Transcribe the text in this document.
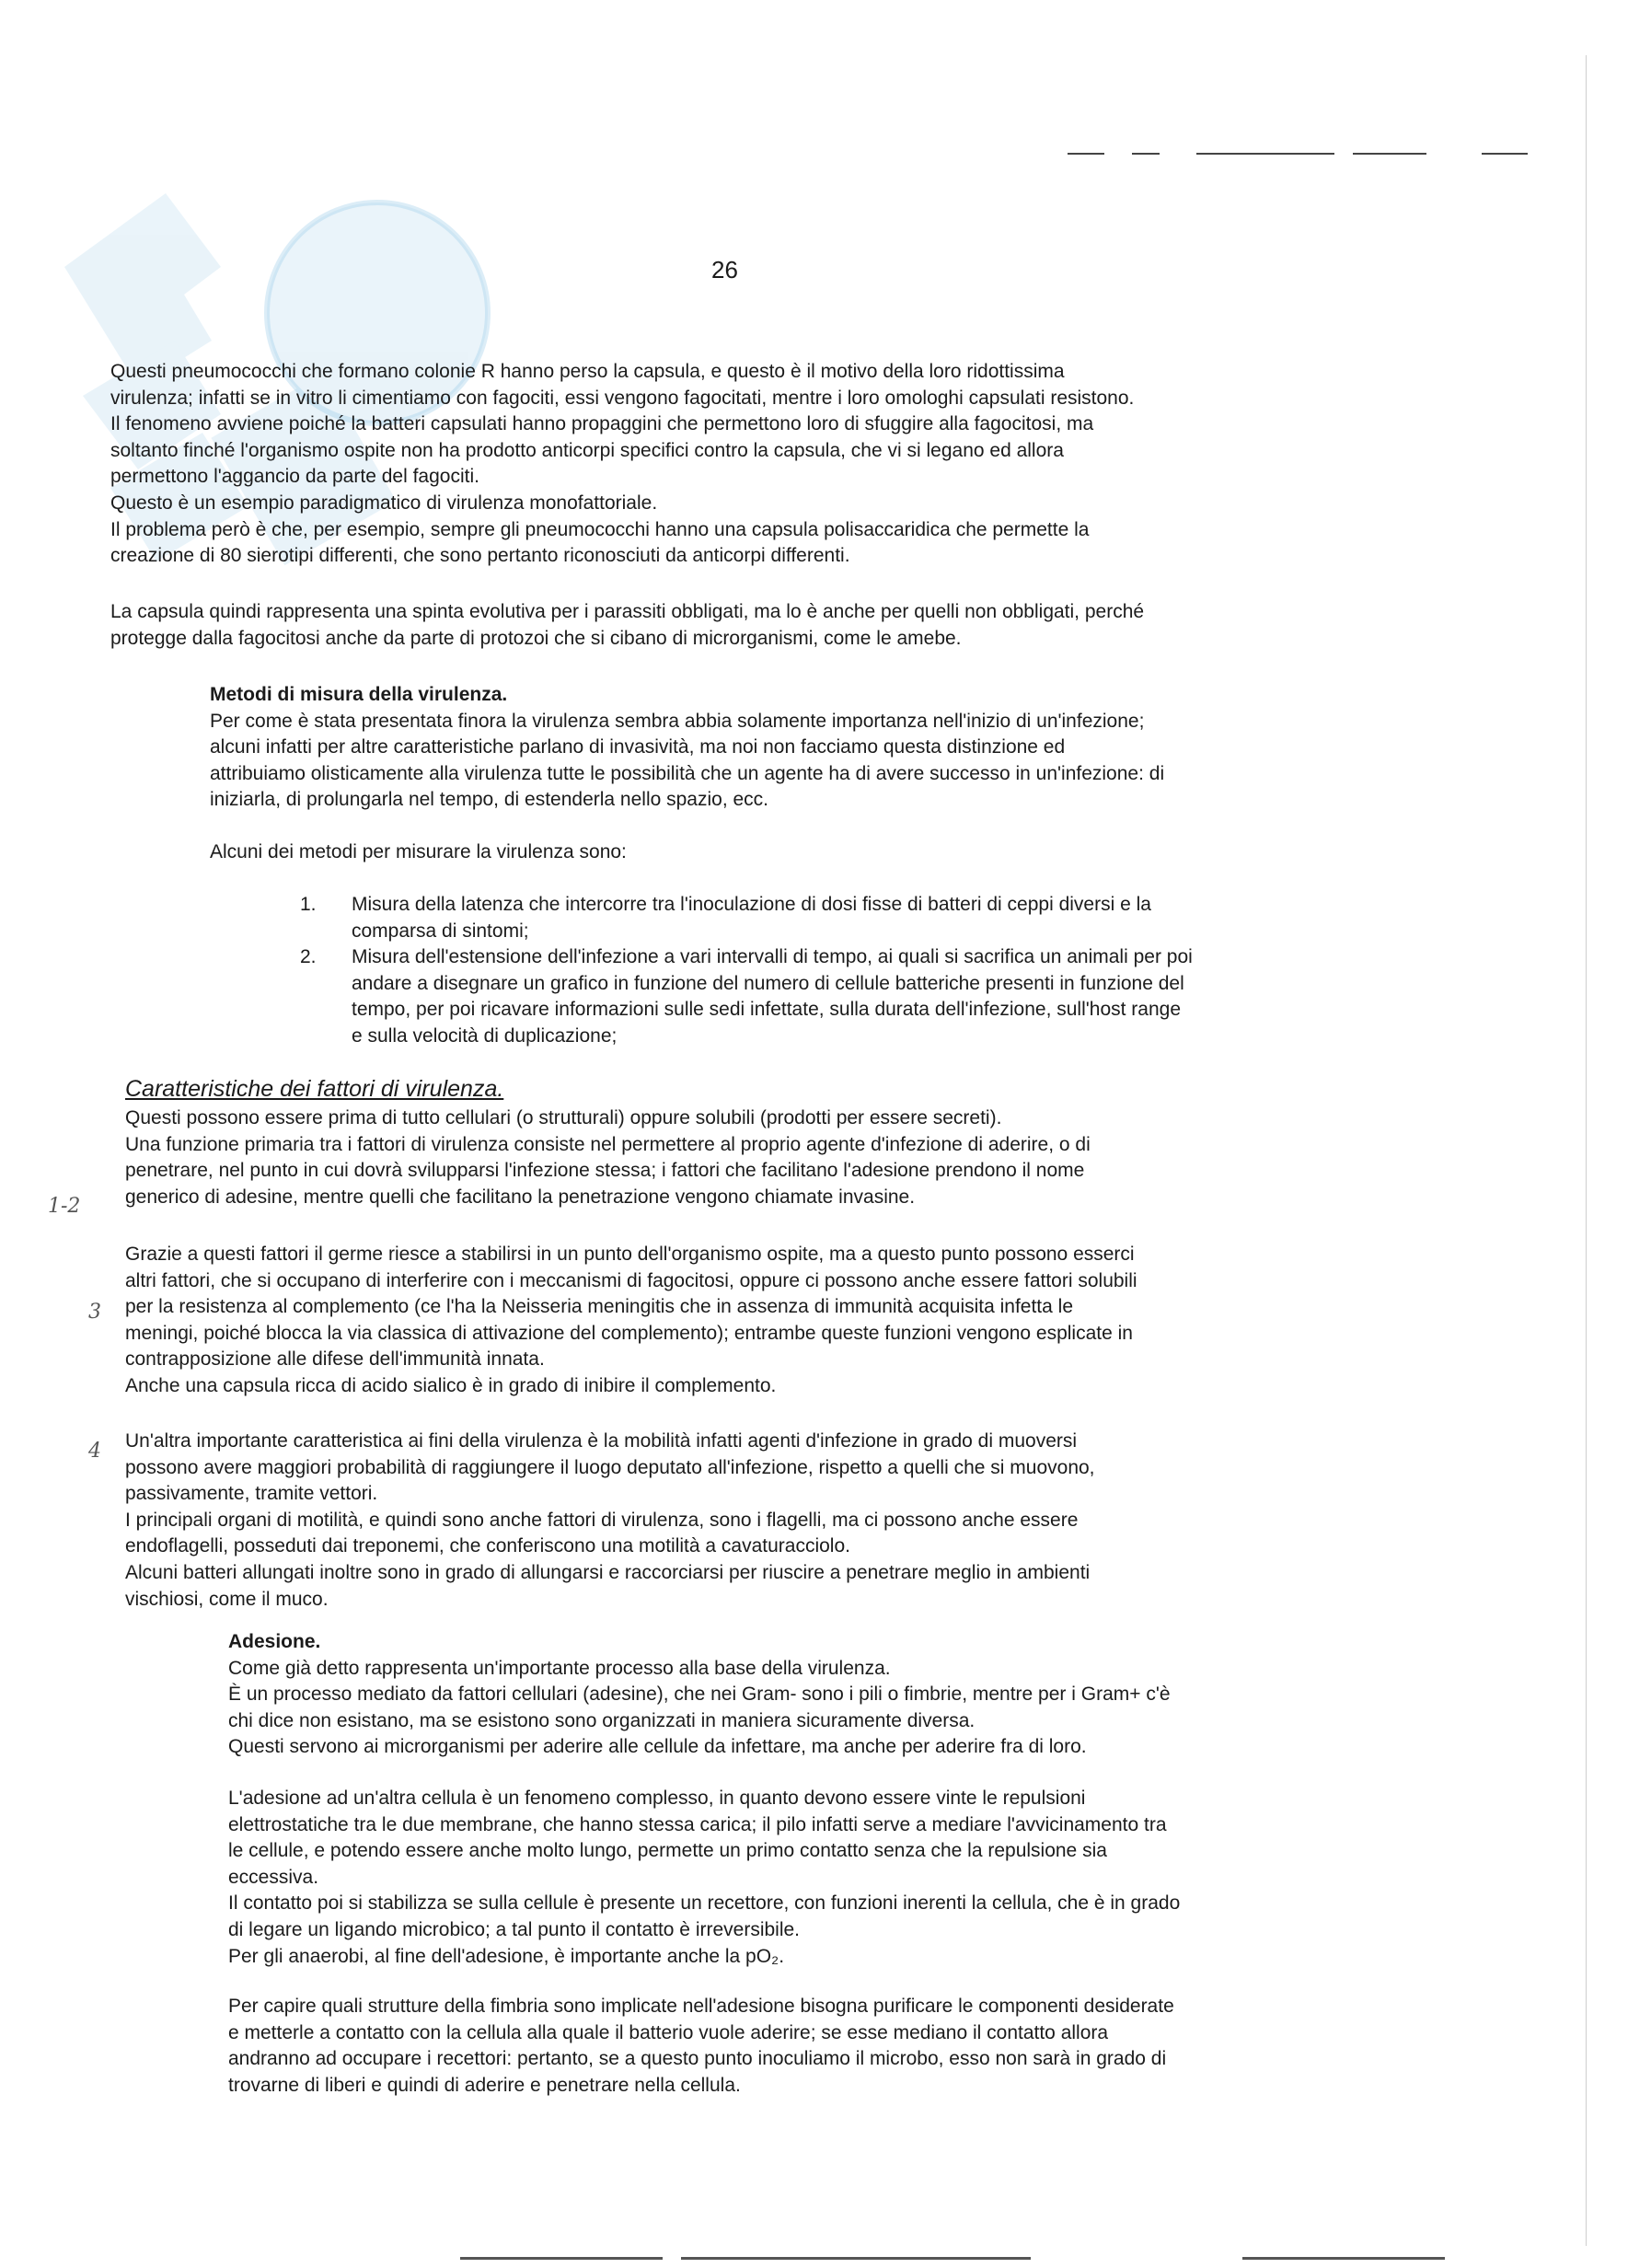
26
1-2
3
4

Questi pneumococchi che formano colonie R hanno perso la capsula, e questo è il motivo della loro ridottissima

virulenza; infatti se in vitro li cimentiamo con fagociti, essi vengono fagocitati, mentre i loro omologhi capsulati resistono.

Il fenomeno avviene poiché la batteri capsulati hanno propaggini che permettono loro di sfuggire alla fagocitosi, ma

soltanto finché l'organismo ospite non ha prodotto anticorpi specifici contro la capsula, che vi si legano ed allora

permettono l'aggancio da parte del fagociti.

Questo è un esempio paradigmatico di virulenza monofattoriale.

Il problema però è che, per esempio, sempre gli pneumococchi hanno una capsula polisaccaridica che permette la

creazione di 80 sierotipi differenti, che sono pertanto riconosciuti da anticorpi differenti.

La capsula quindi rappresenta una spinta evolutiva per i parassiti obbligati, ma lo è anche per quelli non obbligati, perché

protegge dalla fagocitosi anche da parte di protozoi che si cibano di microrganismi, come le amebe.

Metodi di misura della virulenza.

Per come è stata presentata finora la virulenza sembra abbia solamente importanza nell'inizio di un'infezione;

alcuni infatti per altre caratteristiche parlano di invasività, ma noi non facciamo questa distinzione ed

attribuiamo olisticamente alla virulenza tutte le possibilità che un agente ha di avere successo in un'infezione: di

iniziarla, di prolungarla nel tempo, di estenderla nello spazio, ecc.

Alcuni dei metodi per misurare la virulenza sono:
1.	Misura della latenza che intercorre tra l'inoculazione di dosi fisse di batteri di ceppi diversi e la

comparsa di sintomi;

2.	Misura dell'estensione dell'infezione a vari intervalli di tempo, ai quali si sacrifica un animali per poi

andare a disegnare un grafico in funzione del numero di cellule batteriche presenti in funzione del

tempo, per poi ricavare informazioni sulle sedi infettate, sulla durata dell'infezione, sull'host range

e sulla velocità di duplicazione;

Caratteristiche dei fattori di virulenza.

Questi possono essere prima di tutto cellulari (o strutturali) oppure solubili (prodotti per essere secreti).

Una funzione primaria tra i fattori di virulenza consiste nel permettere al proprio agente d'infezione di aderire, o di

penetrare, nel punto in cui dovrà svilupparsi l'infezione stessa; i fattori che facilitano l'adesione prendono il nome

generico di adesine, mentre quelli che facilitano la penetrazione vengono chiamate invasine.

Grazie a questi fattori il germe riesce a stabilirsi in un punto dell'organismo ospite, ma a questo punto possono esserci

altri fattori, che si occupano di interferire con i meccanismi di fagocitosi, oppure ci possono anche essere fattori solubili

per la resistenza al complemento (ce l'ha la Neisseria meningitis che in assenza di immunità acquisita infetta le

meningi, poiché blocca la via classica di attivazione del complemento); entrambe queste funzioni vengono esplicate in

contrapposizione alle difese dell'immunità innata.

Anche una capsula ricca di acido sialico è in grado di inibire il complemento.

Un'altra importante caratteristica ai fini della virulenza è la mobilità infatti agenti d'infezione in grado di muoversi

possono avere maggiori probabilità di raggiungere il luogo deputato all'infezione, rispetto a quelli che si muovono,

passivamente, tramite vettori.

I principali organi di motilità, e quindi sono anche fattori di virulenza, sono i flagelli, ma ci possono anche essere

endoflagelli, posseduti dai treponemi, che conferiscono una motilità a cavaturacciolo.

Alcuni batteri allungati inoltre sono in grado di allungarsi e raccorciarsi per riuscire a penetrare meglio in ambienti

vischiosi, come il muco.

Adesione.

Come già detto rappresenta un'importante processo alla base della virulenza.

È un processo mediato da fattori cellulari (adesine), che nei Gram- sono i pili o fimbrie, mentre per i Gram+ c'è

chi dice non esistano, ma se esistono sono organizzati in maniera sicuramente diversa.

Questi servono ai microrganismi per aderire alle cellule da infettare, ma anche per aderire fra di loro.

L'adesione ad un'altra cellula è un fenomeno complesso, in quanto devono essere vinte le repulsioni

elettrostatiche tra le due membrane, che hanno stessa carica; il pilo infatti serve a mediare l'avvicinamento tra

le cellule, e potendo essere anche molto lungo, permette un primo contatto senza che la repulsione sia

eccessiva.

Il contatto poi si stabilizza se sulla cellule è presente un recettore, con funzioni inerenti la cellula, che è in grado

di legare un ligando microbico; a tal punto il contatto è irreversibile.

Per gli anaerobi, al fine dell'adesione, è importante anche la pO₂.

Per capire quali strutture della fimbria sono implicate nell'adesione bisogna purificare le componenti desiderate

e metterle a contatto con la cellula alla quale il batterio vuole aderire; se esse mediano il contatto allora

andranno ad occupare i recettori: pertanto, se a questo punto inoculiamo il microbo, esso non sarà in grado di

trovarne di liberi e quindi di aderire e penetrare nella cellula.
